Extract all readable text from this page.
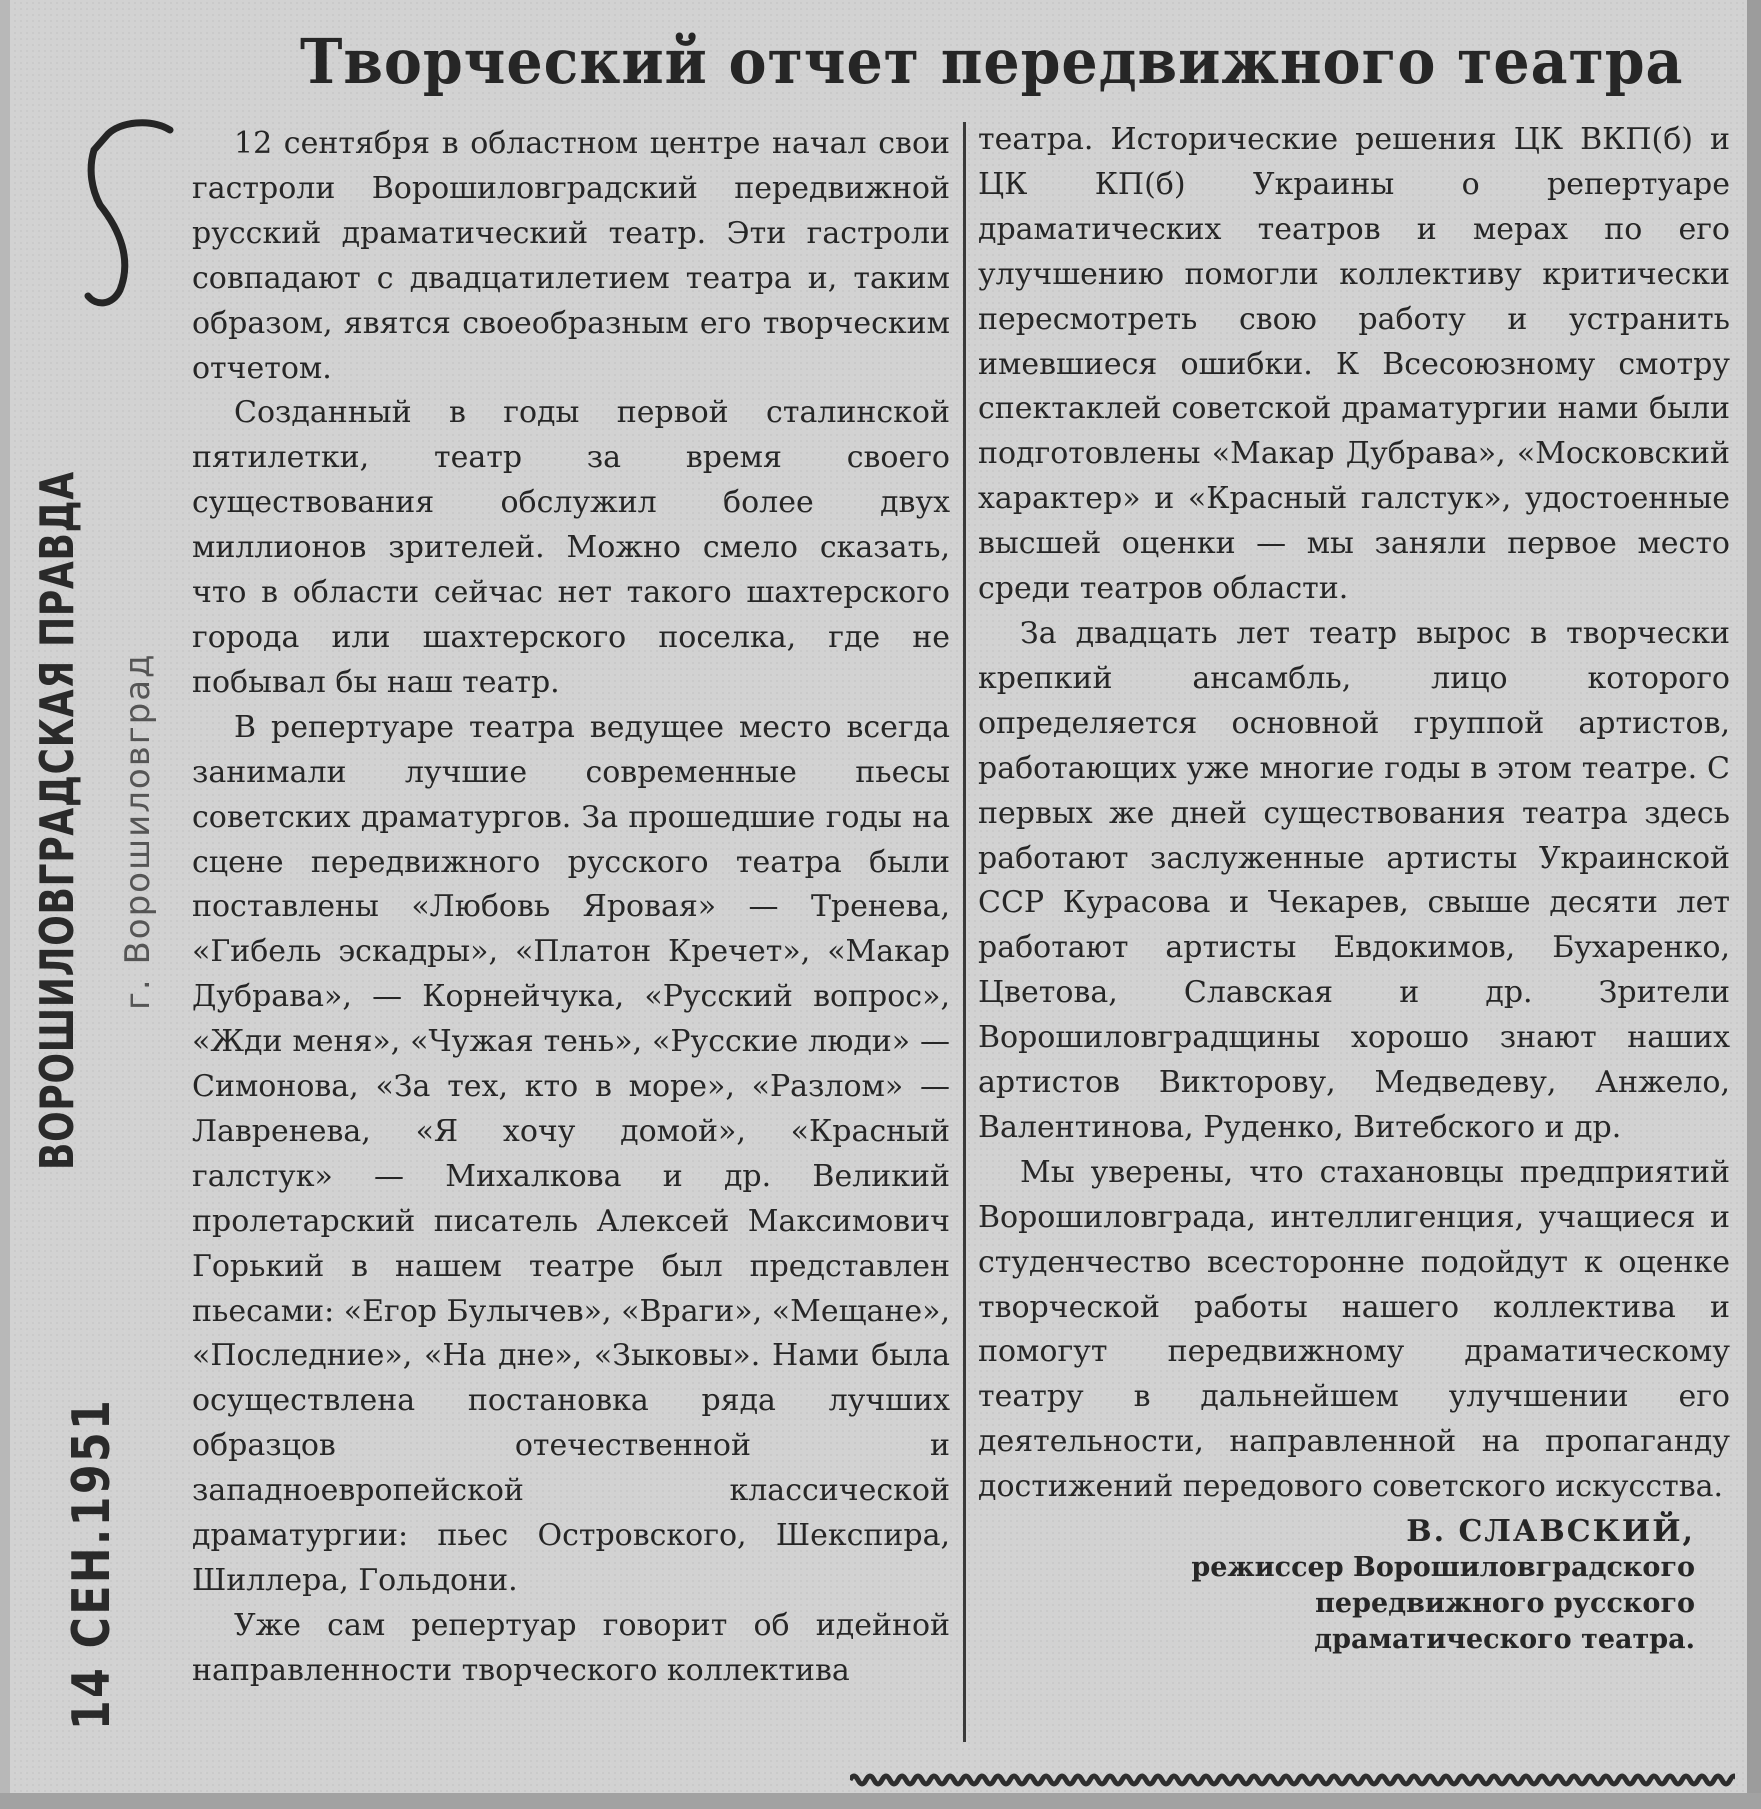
Творческий отчет передвижного театра
ВОРОШИЛОВГРАДСКАЯ ПРАВДА г. Ворошиловград
14 СЕН.1951

12 сентября в областном центре начал свои гастроли Ворошиловградский передвижной русский драматический театр. Эти гастроли совпадают с двадцатилетием театра и, таким образом, явятся своеобразным его творческим отчетом.

Созданный в годы первой сталинской пятилетки, театр за время своего существования обслужил более двух миллионов зрителей. Можно смело сказать, что в области сейчас нет такого шахтерского города или шахтерского поселка, где не побывал бы наш театр.

В репертуаре театра ведущее место всегда занимали лучшие современные пьесы советских драматургов. За прошедшие годы на сцене передвижного русского театра были поставлены «Любовь Яровая» — Тренева, «Гибель эскадры», «Платон Кречет», «Макар Дубрава», — Корнейчука, «Русский вопрос», «Жди меня», «Чужая тень», «Русские люди» — Симонова, «За тех, кто в море», «Разлом» — Лавренева, «Я хочу домой», «Красный галстук» — Михалкова и др. Великий пролетарский писатель Алексей Максимович Горький в нашем театре был представлен пьесами: «Егор Булычев», «Враги», «Мещане», «Последние», «На дне», «Зыковы». Нами была осуществлена постановка ряда лучших образцов отечественной и западноевропейской классической драматургии: пьес Островского, Шекспира, Шиллера, Гольдони.

Уже сам репертуар говорит об идейной направленности творческого коллектива

театра. Исторические решения ЦК ВКП(б) и ЦК КП(б) Украины о репертуаре драматических театров и мерах по его улучшению помогли коллективу критически пересмотреть свою работу и устранить имевшиеся ошибки. К Всесоюзному смотру спектаклей советской драматургии нами были подготовлены «Макар Дубрава», «Московский характер» и «Красный галстук», удостоенные высшей оценки — мы заняли первое место среди театров области.

За двадцать лет театр вырос в творчески крепкий ансамбль, лицо которого определяется основной группой артистов, работающих уже многие годы в этом театре. С первых же дней существования театра здесь работают заслуженные артисты Украинской ССР Курасова и Чекарев, свыше десяти лет работают артисты Евдокимов, Бухаренко, Цветова, Славская и др. Зрители Ворошиловградщины хорошо знают наших артистов Викторову, Медведеву, Анжело, Валентинова, Руденко, Витебского и др.

Мы уверены, что стахановцы предприятий Ворошиловграда, интеллигенция, учащиеся и студенчество всесторонне подойдут к оценке творческой работы нашего коллектива и помогут передвижному драматическому театру в дальнейшем улучшении его деятельности, направленной на пропаганду достижений передового советского искусства.

В. СЛАВСКИЙ,
режиссер Ворошиловградского
передвижного русского
драматического театра.
